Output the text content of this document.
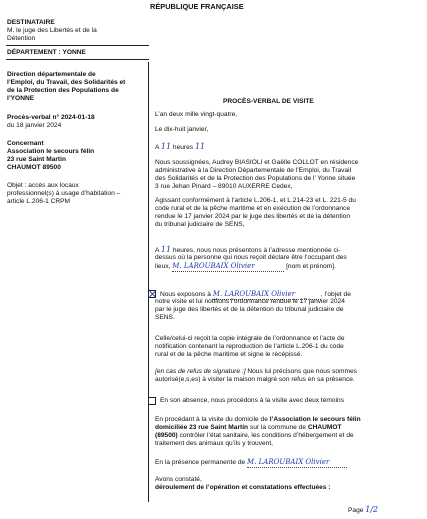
RÉPUBLIQUE FRANÇAISE
DESTINATAIRE
M. le juge des Libertés et de la
Détention
DÉPARTEMENT : YONNE
Direction départementale de
l’Emploi, du Travail, des Solidarités et
de la Protection des Populations de
l’YONNE
Procès-verbal n° 2024-01-18
du 18 janvier 2024
Concernant
Association le secours félin
23 rue Saint Martin
CHAUMOT 89500
Objet : accès aux locaux
professionnel(s) à usage d’habitation –
article L.206-1 CRPM
PROCÈS-VERBAL DE VISITE
L’an deux mille vingt-quatre,
Le dix-huit janvier,
A 11 heures 11
Nous soussignées, Audrey BIASIOLI et Gaëlle COLLOT en résidence
administrative à la Direction Départementale de l’Emploi, du Travail
des Solidarités et de la Protection des Populations de l’ Yonne située
3 rue Jehan Pinard – 89010 AUXERRE Cedex,
Agissant conformément à l’article L.206-1, et L.214-23 et L. 221-5 du
code rural et de la pêche maritime et en exécution de l’ordonnance
rendue le 17 janvier 2024 par le juge des libertés et de la détention
du tribunal judiciaire de SENS,
A 11 heures, nous nous présentons à l’adresse mentionnée ci-
dessus où la personne qui nous reçoit déclare être l’occupant des
lieux, M. LAROUBAIX Olivier	[nom et prénom].
Nous exposons à M. LAROUBAIX Olivier	, l’objet de
notre visite et lui notifions l’ordonnance rendue le 17 janvier 2024
par le juge des libertés et de la détention du tribunal judiciaire de
SENS.
Celle/celui-ci reçoit la copie intégrale de l’ordonnance et l’acte de
notification contenant la reproduction de l’article L.206-1 du code
rural et de la pêche maritime et signe le récépissé.
[en cas de refus de signature :] Nous lui précisons que nous sommes
autorisé(e,s,es) à visiter la maison malgré son refus en sa présence.
En son absence, nous procédons à la visite avec deux témoins
En procédant à la visite du domicile de l’Association le secours félin
domiciliée 23 rue Saint Martin sur la commune de CHAUMOT
(89500) contrôler l’état sanitaire, les conditions d’hébergement et de
traitement des animaux qu’ils y trouvent,
En la présence permanente de M. LAROUBAIX Olivier
Avons constaté,
déroulement de l’opération et constatations effectuées :
Page 1/2
